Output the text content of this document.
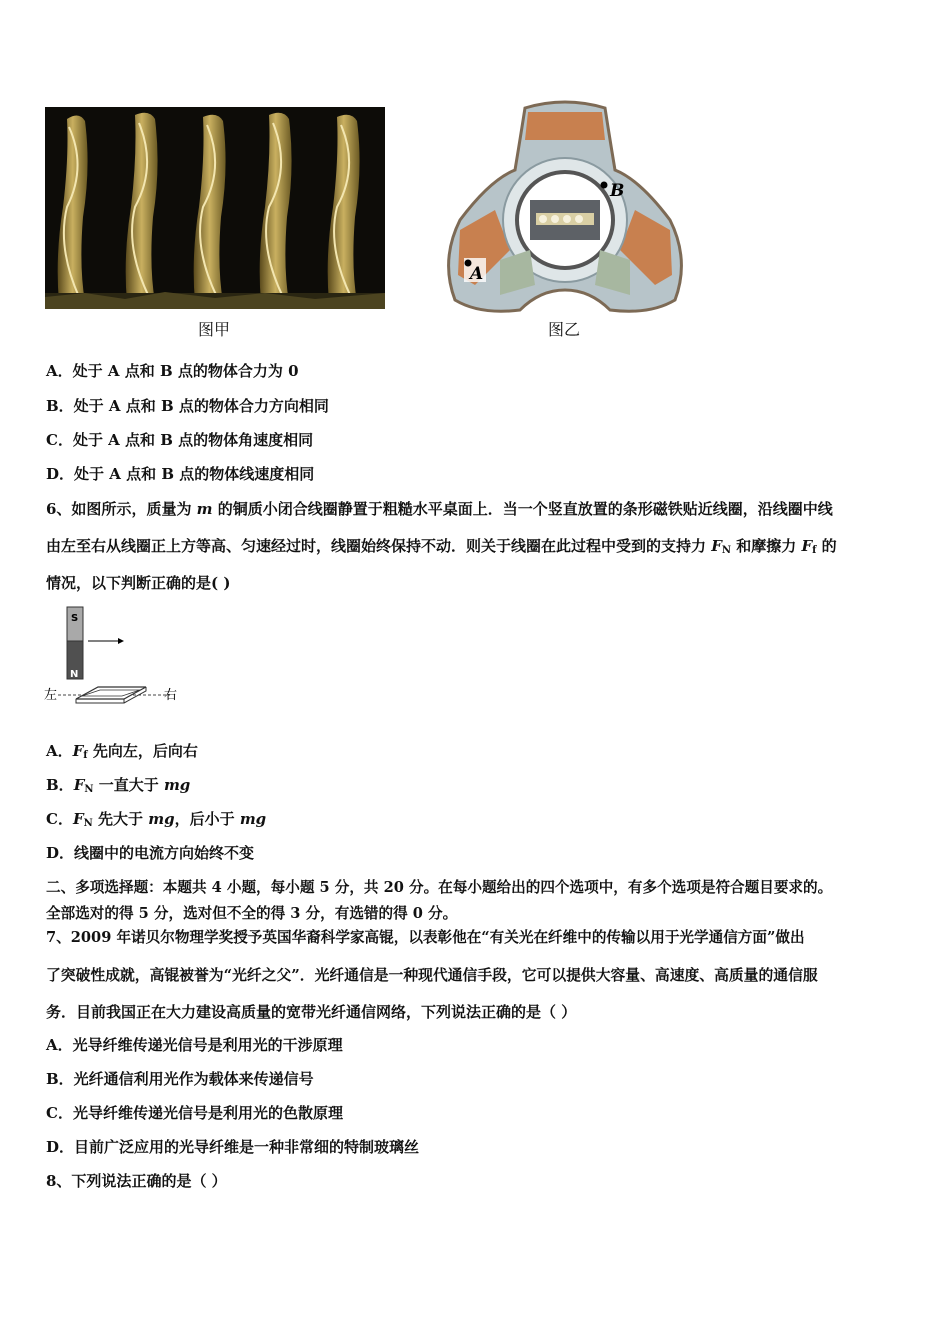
图甲
B
A
图乙
A．处于 A 点和 B 点的物体合力为 0
B．处于 A 点和 B 点的物体合力方向相同
C．处于 A 点和 B 点的物体角速度相同
D．处于 A 点和 B 点的物体线速度相同
6、如图所示，质量为 m 的铜质小闭合线圈静置于粗糙水平桌面上．当一个竖直放置的条形磁铁贴近线圈，沿线圈中线
由左至右从线圈正上方等高、匀速经过时，线圈始终保持不动．则关于线圈在此过程中受到的支持力 $F_N$ 和摩擦力 $F_f$ 的
情况，以下判断正确的是( )
S
N
左	右
A．$F_f$ 先向左，后向右
B．$F_N$ 一直大于 mg
C．$F_N$ 先大于 mg，后小于 mg
D．线圈中的电流方向始终不变
二、多项选择题：本题共 4 小题，每小题 5 分，共 20 分。在每小题给出的四个选项中，有多个选项是符合题目要求的。
全部选对的得 5 分，选对但不全的得 3 分，有选错的得 0 分。
7、2009 年诺贝尔物理学奖授予英国华裔科学家高锟，以表彰他在“有关光在纤维中的传输以用于光学通信方面”做出
了突破性成就，高锟被誉为“光纤之父”．光纤通信是一种现代通信手段，它可以提供大容量、高速度、高质量的通信服
务．目前我国正在大力建设高质量的宽带光纤通信网络，下列说法正确的是（ ）
A．光导纤维传递光信号是利用光的干涉原理
B．光纤通信利用光作为载体来传递信号
C．光导纤维传递光信号是利用光的色散原理
D．目前广泛应用的光导纤维是一种非常细的特制玻璃丝
8、下列说法正确的是（ ）
